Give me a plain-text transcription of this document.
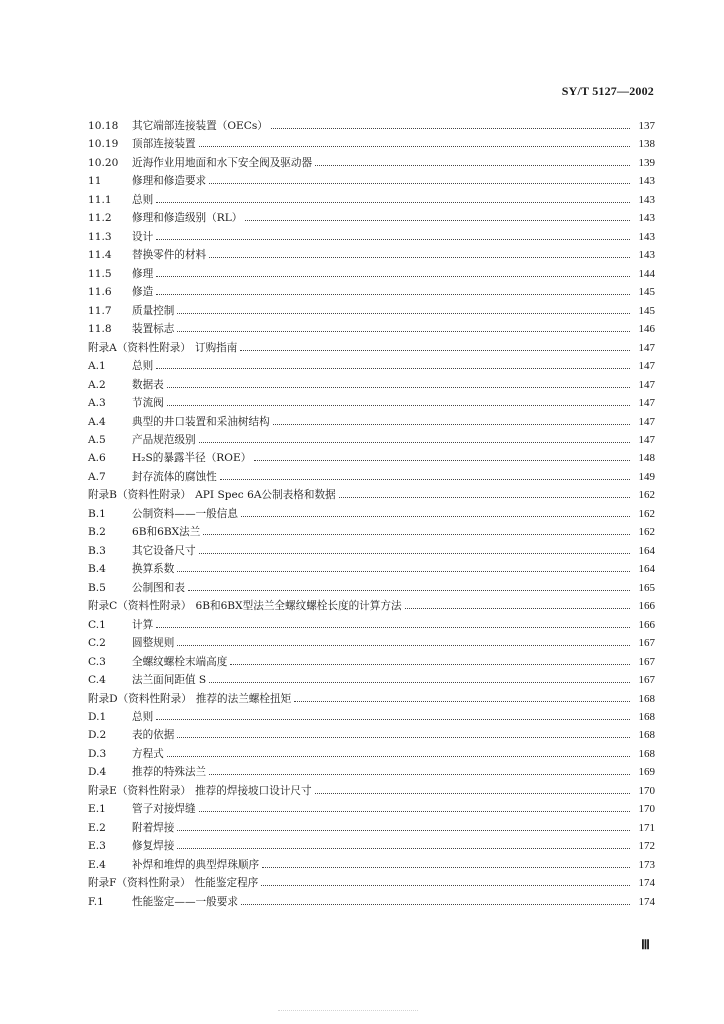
SY/T 5127—2002
10.18	其它端部连接装置（OECs）	137
10.19	顶部连接装置	138
10.20	近海作业用地面和水下安全阀及驱动器	139
11	修理和修造要求	143
11.1	总则	143
11.2	修理和修造级别（RL）	143
11.3	设计	143
11.4	替换零件的材料	143
11.5	修理	144
11.6	修造	145
11.7	质量控制	145
11.8	装置标志	146
附录A（资料性附录） 订购指南	147
A.1	总则	147
A.2	数据表	147
A.3	节流阀	147
A.4	典型的井口装置和采油树结构	147
A.5	产品规范级别	147
A.6	H₂S的暴露半径（ROE）	148
A.7	封存流体的腐蚀性	149
附录B（资料性附录） API Spec 6A公制表格和数据	162
B.1	公制资料——一般信息	162
B.2	6B和6BX法兰	162
B.3	其它设备尺寸	164
B.4	换算系数	164
B.5	公制图和表	165
附录C（资料性附录） 6B和6BX型法兰全螺纹螺栓长度的计算方法	166
C.1	计算	166
C.2	圆整规则	167
C.3	全螺纹螺栓末端高度	167
C.4	法兰面间距值 S	167
附录D（资料性附录） 推荐的法兰螺栓扭矩	168
D.1	总则	168
D.2	表的依据	168
D.3	方程式	168
D.4	推荐的特殊法兰	169
附录E（资料性附录） 推荐的焊接坡口设计尺寸	170
E.1	管子对接焊缝	170
E.2	附着焊接	171
E.3	修复焊接	172
E.4	补焊和堆焊的典型焊珠顺序	173
附录F（资料性附录） 性能鉴定程序	174
F.1	性能鉴定——一般要求	174
Ⅲ
